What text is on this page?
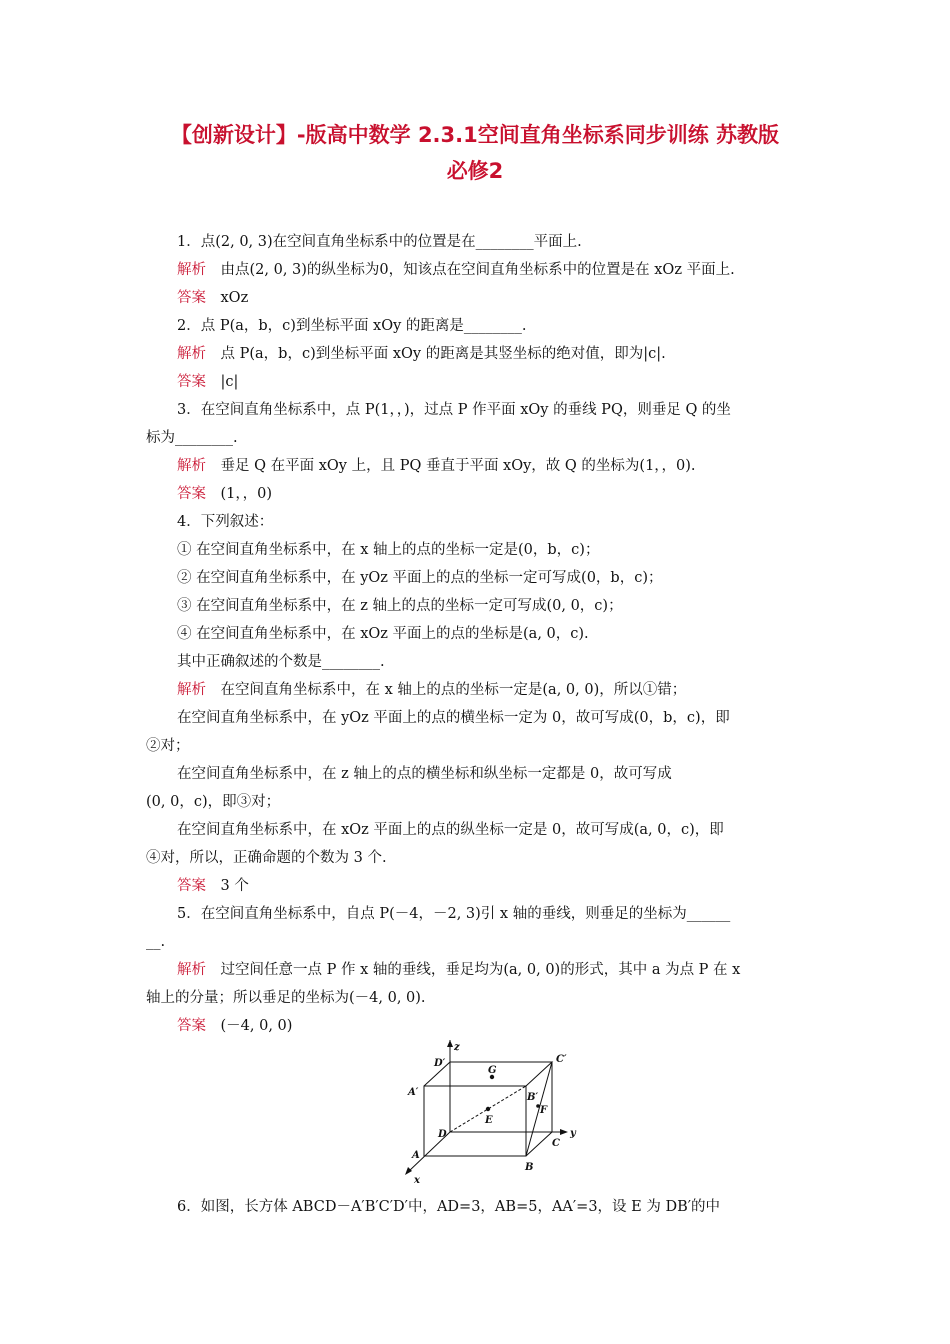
【创新设计】-版高中数学 2.3.1空间直角坐标系同步训练 苏教版
必修2
1．点(2, 0, 3)在空间直角坐标系中的位置是在________平面上.
解析　由点(2, 0, 3)的纵坐标为0，知该点在空间直角坐标系中的位置是在 xOz 平面上.
答案　xOz
2．点 P(a，b，c)到坐标平面 xOy 的距离是________.
解析　点 P(a，b，c)到坐标平面 xOy 的距离是其竖坐标的绝对值，即为|c|.
答案　|c|
3．在空间直角坐标系中，点 P(1，，)，过点 P 作平面 xOy 的垂线 PQ，则垂足 Q 的坐
标为________.
解析　垂足 Q 在平面 xOy 上，且 PQ 垂直于平面 xOy，故 Q 的坐标为(1，，0).
答案　(1，，0)
4．下列叙述：
① 在空间直角坐标系中，在 x 轴上的点的坐标一定是(0，b，c)；
② 在空间直角坐标系中，在 yOz 平面上的点的坐标一定可写成(0，b，c)；
③ 在空间直角坐标系中，在 z 轴上的点的坐标一定可写成(0, 0，c)；
④ 在空间直角坐标系中，在 xOz 平面上的点的坐标是(a, 0，c).
其中正确叙述的个数是________.
解析　在空间直角坐标系中，在 x 轴上的点的坐标一定是(a, 0, 0)，所以①错；
在空间直角坐标系中，在 yOz 平面上的点的横坐标一定为 0，故可写成(0，b，c)，即
②对；
在空间直角坐标系中，在 z 轴上的点的横坐标和纵坐标一定都是 0，故可写成
(0, 0，c)，即③对；
在空间直角坐标系中，在 xOz 平面上的点的纵坐标一定是 0，故可写成(a, 0，c)，即
④对，所以，正确命题的个数为 3 个.
答案　3 个
5．在空间直角坐标系中，自点 P(－4，－2, 3)引 x 轴的垂线，则垂足的坐标为______
__.
解析　过空间任意一点 P 作 x 轴的垂线，垂足均为(a, 0, 0)的形式，其中 a 为点 P 在 x
轴上的分量；所以垂足的坐标为(－4, 0, 0).
答案　(－4, 0, 0)
6．如图，长方体 ABCD－A′B′C′D′中，AD=3，AB=5，AA′=3，设 E 为 DB′的中
z
y
x
D′	C′
A′	B′
G
E
F
D
A
B
C
